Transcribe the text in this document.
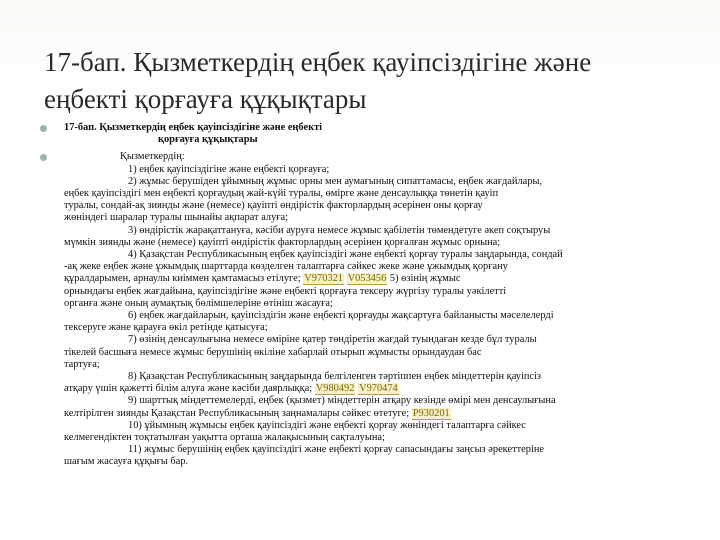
17-бап. Қызметкердің еңбек қауіпсіздігіне және
еңбекті қорғауға құқықтары
17-бап. Қызметкердің еңбек қауіпсіздігіне және еңбекті
қорғауға құқықтары
Қызметкердің:
1) еңбек қауіпсіздігіне және еңбекті қорғауға;
2) жұмыс берушіден ұйымның жұмыс орны мен аумағының сипаттамасы, еңбек жағдайлары,
еңбек қауіпсіздігі мен еңбекті қорғаудың жай-күйі туралы, өмірге және денсаулыққа төнетін қауіп
туралы, сондай-ақ зиянды және (немесе) қауіпті өндірістік факторлардың әсерінен оны қорғау
жөніндегі шаралар туралы шынайы ақпарат алуға;
3) өндірістік жарақаттануға, кәсіби ауруға немесе жұмыс қабілетін төмендетуге әкеп соқтыруы
мүмкін зиянды және (немесе) қауіпті өндірістік факторлардың әсерінен қорғалған жұмыс орнына;
4) Қазақстан Республикасының еңбек қауіпсіздігі және еңбекті қорғау туралы заңдарында, сондай
-ақ жеке еңбек және ұжымдық шарттарда көзделген талаптарға сәйкес жеке және ұжымдық қорғану
құралдарымен, арнаулы киіммен қамтамасыз етілуге; V970321 V053456 5) өзінің жұмыс
орнындағы еңбек жағдайына, қауіпсіздігіне және еңбекті қорғауға тексеру жүргізу туралы уәкілетті
органға және оның аумақтық бөлімшелеріне өтініш жасауға;
6) еңбек жағдайларын, қауіпсіздігін және еңбекті қорғауды жақсартуға байланысты мәселелерді
тексеруге және қарауға өкіл ретінде қатысуға;
7) өзінің денсаулығына немесе өміріне қатер төндіретін жағдай туындаған кезде бұл туралы
тікелей басшыға немесе жұмыс берушінің өкіліне хабарлай отырып жұмысты орындаудан бас
тартуға;
8) Қазақстан Республикасының заңдарында белгіленген тәртіппен еңбек міндеттерін қауіпсіз
атқару үшін қажетті білім алуға және кәсіби даярлыққа; V980492 V970474
9) шарттық міндеттемелерді, еңбек (қызмет) міндеттерін атқару кезінде өмірі мен денсаулығына
келтірілген зиянды Қазақстан Республикасының заңнамалары сәйкес өтетуге; P930201
10) ұйымның жұмысы еңбек қауіпсіздігі және еңбекті қорғау жөніндегі талаптарға сәйкес
келмегендіктен тоқтатылған уақытта орташа жалақысының сақталуына;
11) жұмыс берушінің еңбек қауіпсіздігі және еңбекті қорғау сапасындағы заңсыз әрекеттеріне
шағым жасауға құқығы бар.
